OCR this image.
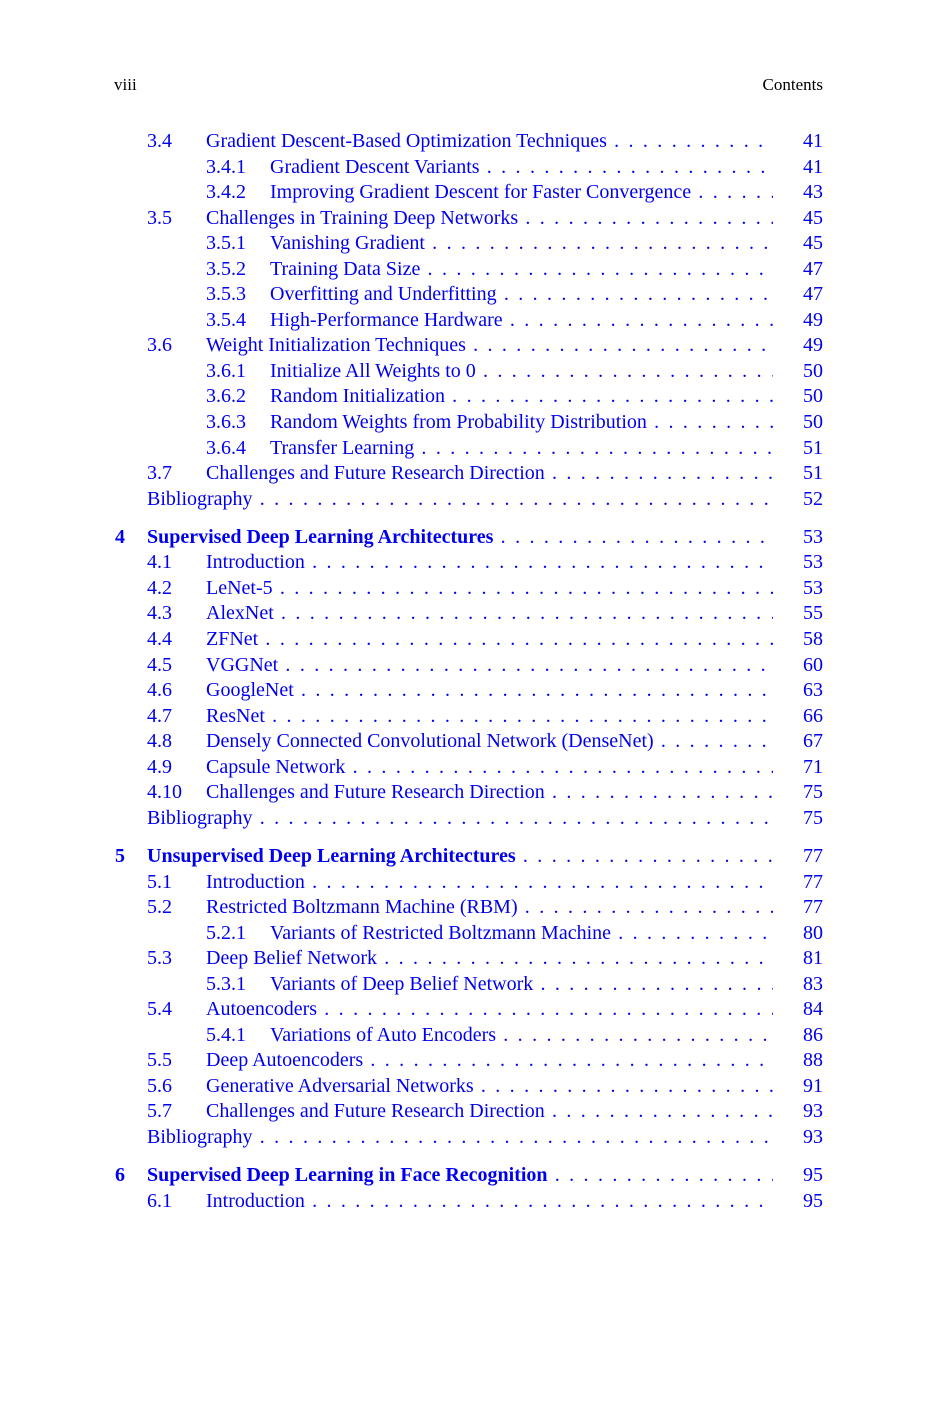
viii	Contents
3.4 Gradient Descent-Based Optimization Techniques . . .	41
3.4.1 Gradient Descent Variants . . .	41
3.4.2 Improving Gradient Descent for Faster Convergence . . .	43
3.5 Challenges in Training Deep Networks . . .	45
3.5.1 Vanishing Gradient . . .	45
3.5.2 Training Data Size . . .	47
3.5.3 Overfitting and Underfitting . . .	47
3.5.4 High-Performance Hardware . . .	49
3.6 Weight Initialization Techniques . . .	49
3.6.1 Initialize All Weights to 0 . . .	50
3.6.2 Random Initialization . . .	50
3.6.3 Random Weights from Probability Distribution . . .	50
3.6.4 Transfer Learning . . .	51
3.7 Challenges and Future Research Direction . . .	51
Bibliography . . .	52
4 Supervised Deep Learning Architectures . . .	53
4.1 Introduction . . .	53
4.2 LeNet-5 . . .	53
4.3 AlexNet . . .	55
4.4 ZFNet . . .	58
4.5 VGGNet . . .	60
4.6 GoogleNet . . .	63
4.7 ResNet . . .	66
4.8 Densely Connected Convolutional Network (DenseNet) . . .	67
4.9 Capsule Network . . .	71
4.10 Challenges and Future Research Direction . . .	75
Bibliography . . .	75
5 Unsupervised Deep Learning Architectures . . .	77
5.1 Introduction . . .	77
5.2 Restricted Boltzmann Machine (RBM) . . .	77
5.2.1 Variants of Restricted Boltzmann Machine . . .	80
5.3 Deep Belief Network . . .	81
5.3.1 Variants of Deep Belief Network . . .	83
5.4 Autoencoders . . .	84
5.4.1 Variations of Auto Encoders . . .	86
5.5 Deep Autoencoders . . .	88
5.6 Generative Adversarial Networks . . .	91
5.7 Challenges and Future Research Direction . . .	93
Bibliography . . .	93
6 Supervised Deep Learning in Face Recognition . . .	95
6.1 Introduction . . .	95
